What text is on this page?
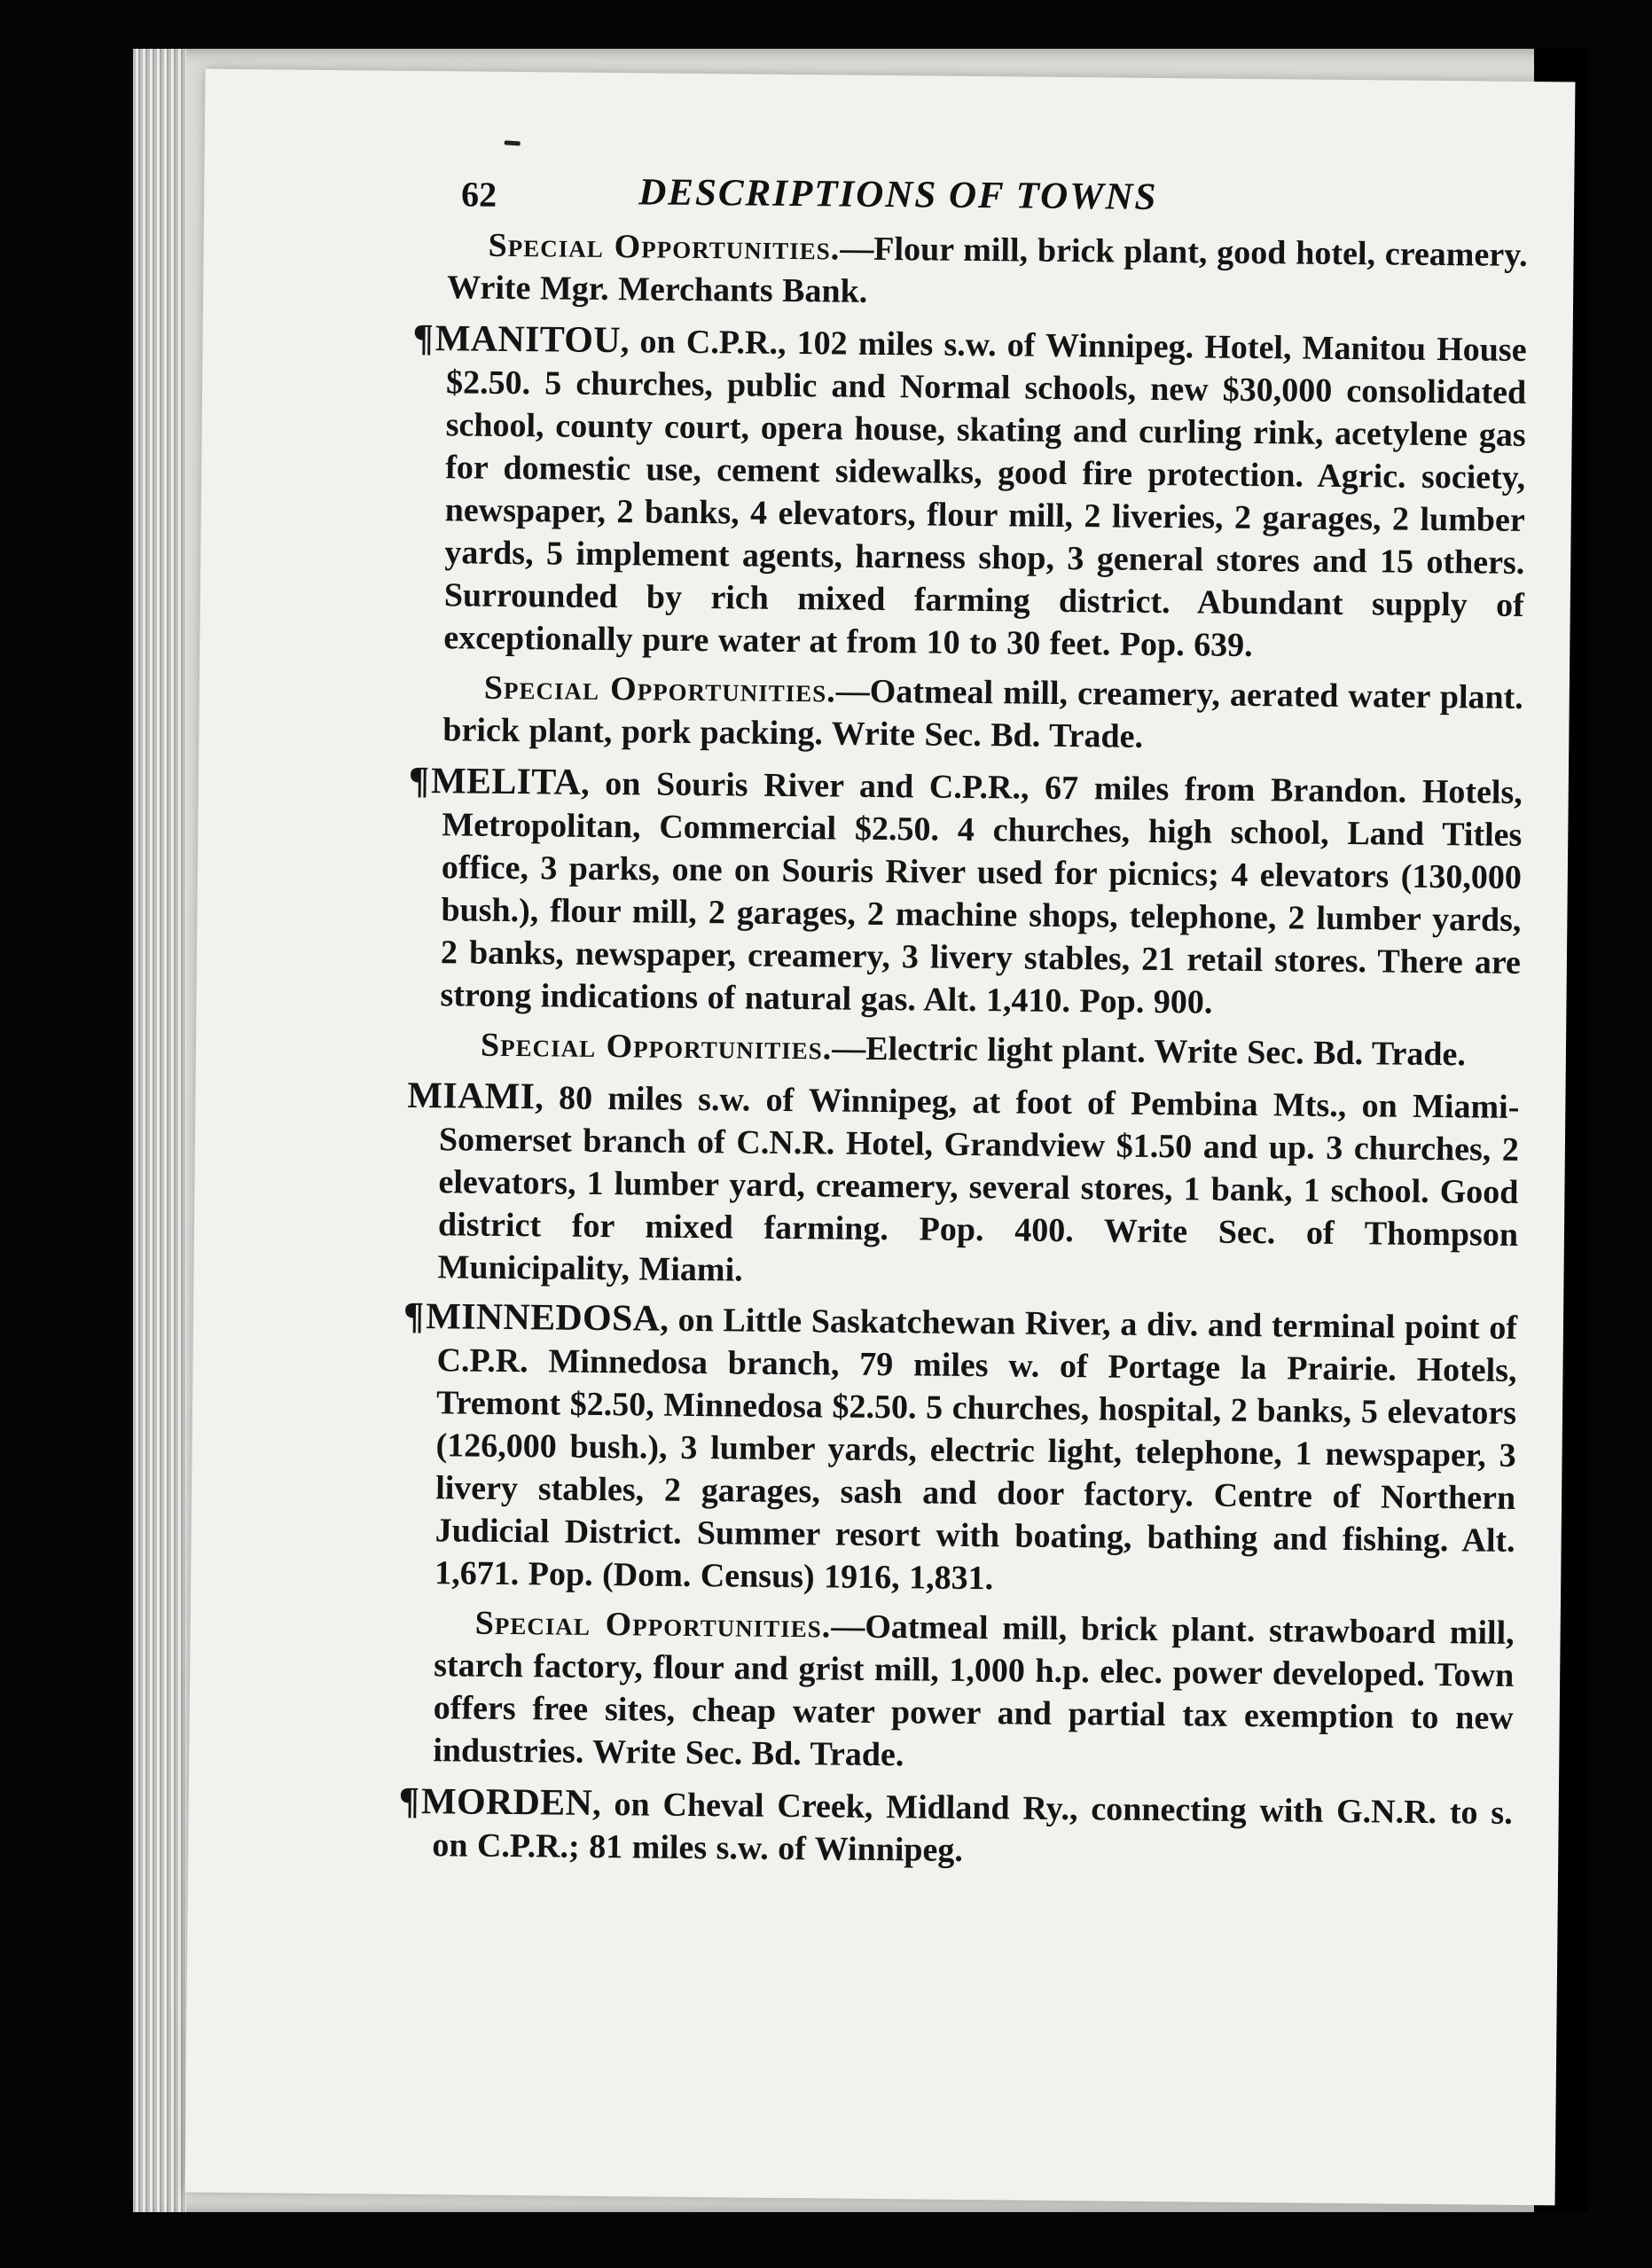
62	DESCRIPTIONS OF TOWNS

Special Opportunities.—Flour mill, brick plant, good hotel, creamery. Write Mgr. Merchants Bank.

¶MANITOU, on C.P.R., 102 miles s.w. of Winnipeg. Hotel, Manitou House $2.50. 5 churches, public and Normal schools, new $30,000 consolidated school, county court, opera house, skating and curling rink, acetylene gas for domestic use, cement sidewalks, good fire protection. Agric. society, newspaper, 2 banks, 4 elevators, flour mill, 2 liveries, 2 garages, 2 lumber yards, 5 implement agents, harness shop, 3 general stores and 15 others. Surrounded by rich mixed farming district. Abundant supply of exceptionally pure water at from 10 to 30 feet. Pop. 639.

Special Opportunities.—Oatmeal mill, creamery, aerated water plant. brick plant, pork packing. Write Sec. Bd. Trade.

¶MELITA, on Souris River and C.P.R., 67 miles from Brandon. Hotels, Metropolitan, Commercial $2.50. 4 churches, high school, Land Titles office, 3 parks, one on Souris River used for picnics; 4 elevators (130,000 bush.), flour mill, 2 garages, 2 machine shops, telephone, 2 lumber yards, 2 banks, newspaper, creamery, 3 livery stables, 21 retail stores. There are strong indications of natural gas. Alt. 1,410. Pop. 900.

Special Opportunities.—Electric light plant. Write Sec. Bd. Trade.

MIAMI, 80 miles s.w. of Winnipeg, at foot of Pembina Mts., on Miami-Somerset branch of C.N.R. Hotel, Grandview $1.50 and up. 3 churches, 2 elevators, 1 lumber yard, creamery, several stores, 1 bank, 1 school. Good district for mixed farming. Pop. 400. Write Sec. of Thompson Municipality, Miami.

¶MINNEDOSA, on Little Saskatchewan River, a div. and terminal point of C.P.R. Minnedosa branch, 79 miles w. of Portage la Prairie. Hotels, Tremont $2.50, Minnedosa $2.50. 5 churches, hospital, 2 banks, 5 elevators (126,000 bush.), 3 lumber yards, electric light, telephone, 1 newspaper, 3 livery stables, 2 garages, sash and door factory. Centre of Northern Judicial District. Summer resort with boating, bathing and fishing. Alt. 1,671. Pop. (Dom. Census) 1916, 1,831.

Special Opportunities.—Oatmeal mill, brick plant. strawboard mill, starch factory, flour and grist mill, 1,000 h.p. elec. power developed. Town offers free sites, cheap water power and partial tax exemption to new industries. Write Sec. Bd. Trade.

¶MORDEN, on Cheval Creek, Midland Ry., connecting with G.N.R. to s. on C.P.R.; 81 miles s.w. of Winnipeg.
